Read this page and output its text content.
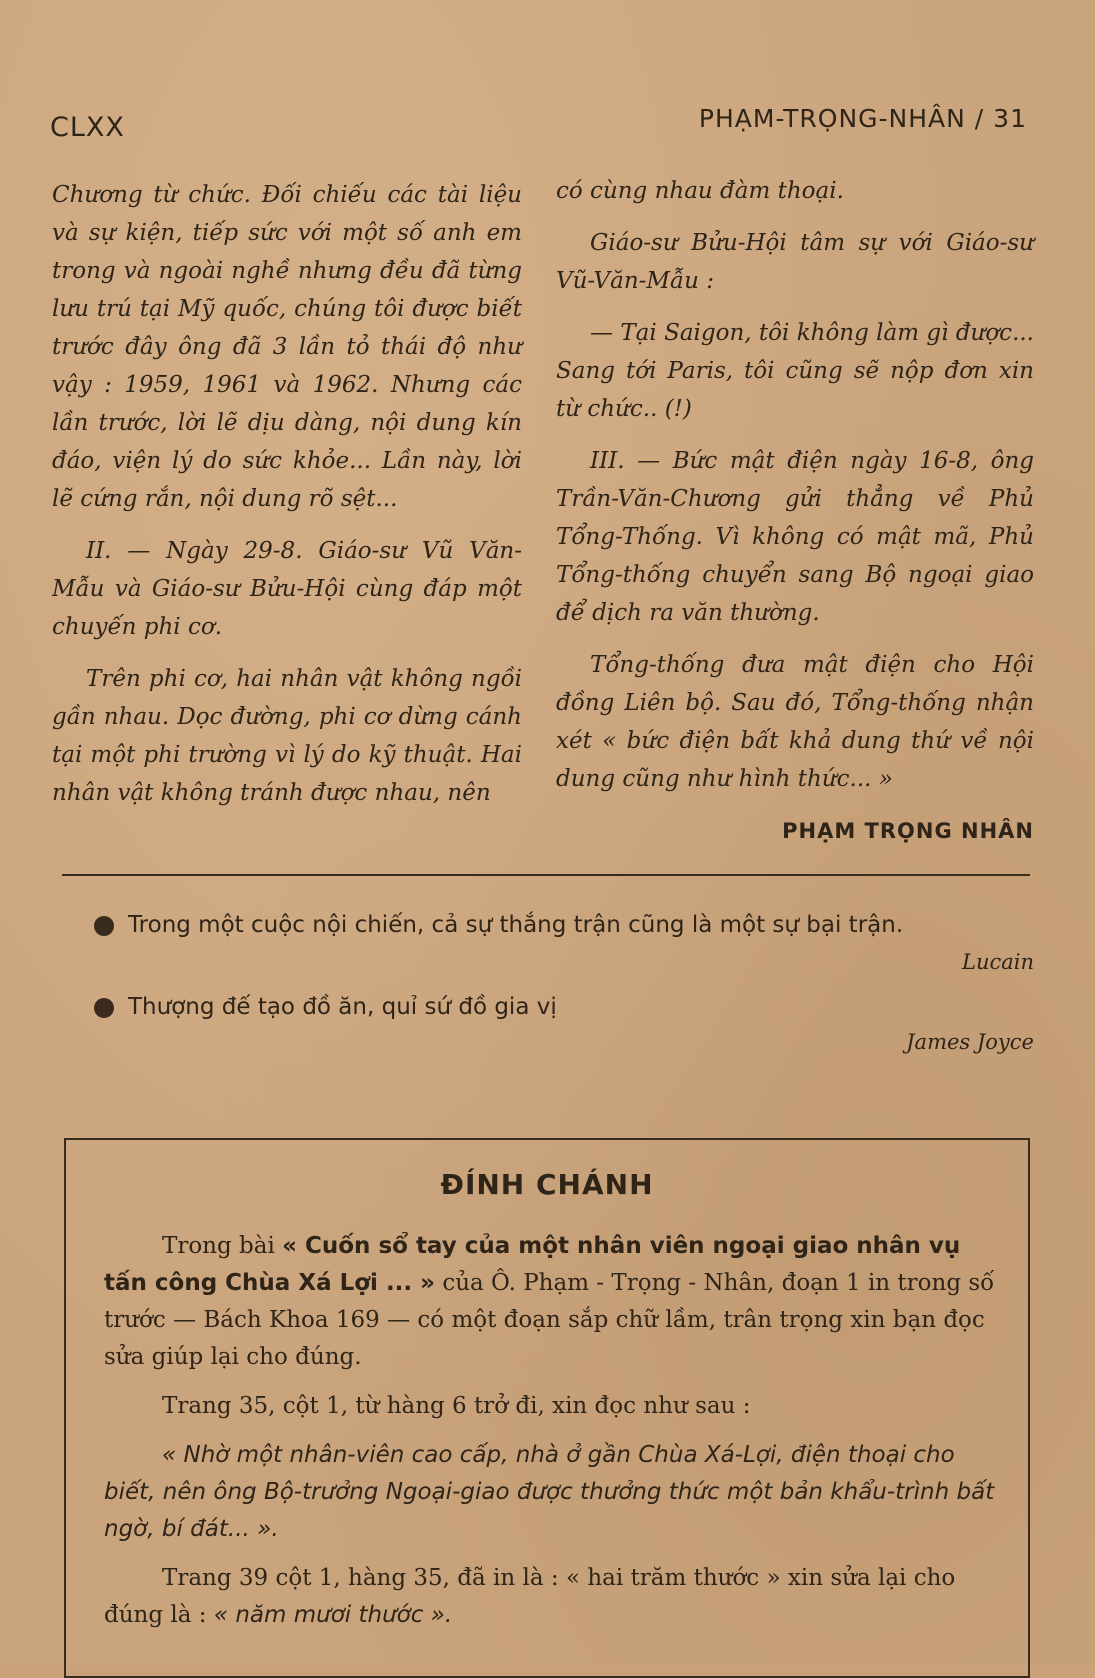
CLXX	PHẠM-TRỌNG-NHÂN / 31

Chương từ chức. Đối chiếu các tài liệu và sự kiện, tiếp sức với một số anh em trong và ngoài nghề nhưng đều đã từng lưu trú tại Mỹ quốc, chúng tôi được biết trước đây ông đã 3 lần tỏ thái độ như vậy : 1959, 1961 và 1962. Nhưng các lần trước, lời lẽ dịu dàng, nội dung kín đáo, viện lý do sức khỏe... Lần này, lời lẽ cứng rắn, nội dung rõ sệt...

II. — Ngày 29-8. Giáo-sư Vũ Văn-Mẫu và Giáo-sư Bửu-Hội cùng đáp một chuyến phi cơ.

Trên phi cơ, hai nhân vật không ngồi gần nhau. Dọc đường, phi cơ dừng cánh tại một phi trường vì lý do kỹ thuật. Hai nhân vật không tránh được nhau, nên

có cùng nhau đàm thoại.

Giáo-sư Bửu-Hội tâm sự với Giáo-sư Vũ-Văn-Mẫu :

— Tại Saigon, tôi không làm gì được... Sang tới Paris, tôi cũng sẽ nộp đơn xin từ chức.. (!)

III. — Bức mật điện ngày 16-8, ông Trần-Văn-Chương gửi thẳng về Phủ Tổng-Thống. Vì không có mật mã, Phủ Tổng-thống chuyển sang Bộ ngoại giao để dịch ra văn thường.

Tổng-thống đưa mật điện cho Hội đồng Liên bộ. Sau đó, Tổng-thống nhận xét « bức điện bất khả dung thứ về nội dung cũng như hình thức... »

PHẠM TRỌNG NHÂN
Trong một cuộc nội chiến, cả sự thắng trận cũng là một sự bại trận.
Lucain
Thượng đế tạo đồ ăn, quỉ sứ đồ gia vị
James Joyce
ĐÍNH CHÁNH

Trong bài « Cuốn sổ tay của một nhân viên ngoại giao nhân vụ tấn công Chùa Xá Lợi ... » của Ô. Phạm - Trọng - Nhân, đoạn 1 in trong số trước — Bách Khoa 169 — có một đoạn sắp chữ lầm, trân trọng xin bạn đọc sửa giúp lại cho đúng.

Trang 35, cột 1, từ hàng 6 trở đi, xin đọc như sau :

« Nhờ một nhân-viên cao cấp, nhà ở gần Chùa Xá-Lợi, điện thoại cho biết, nên ông Bộ-trưởng Ngoại-giao được thưởng thức một bản khẩu-trình bất ngờ, bí đát... ».

Trang 39 cột 1, hàng 35, đã in là : « hai trăm thước » xin sửa lại cho đúng là : « năm mươi thước ».
